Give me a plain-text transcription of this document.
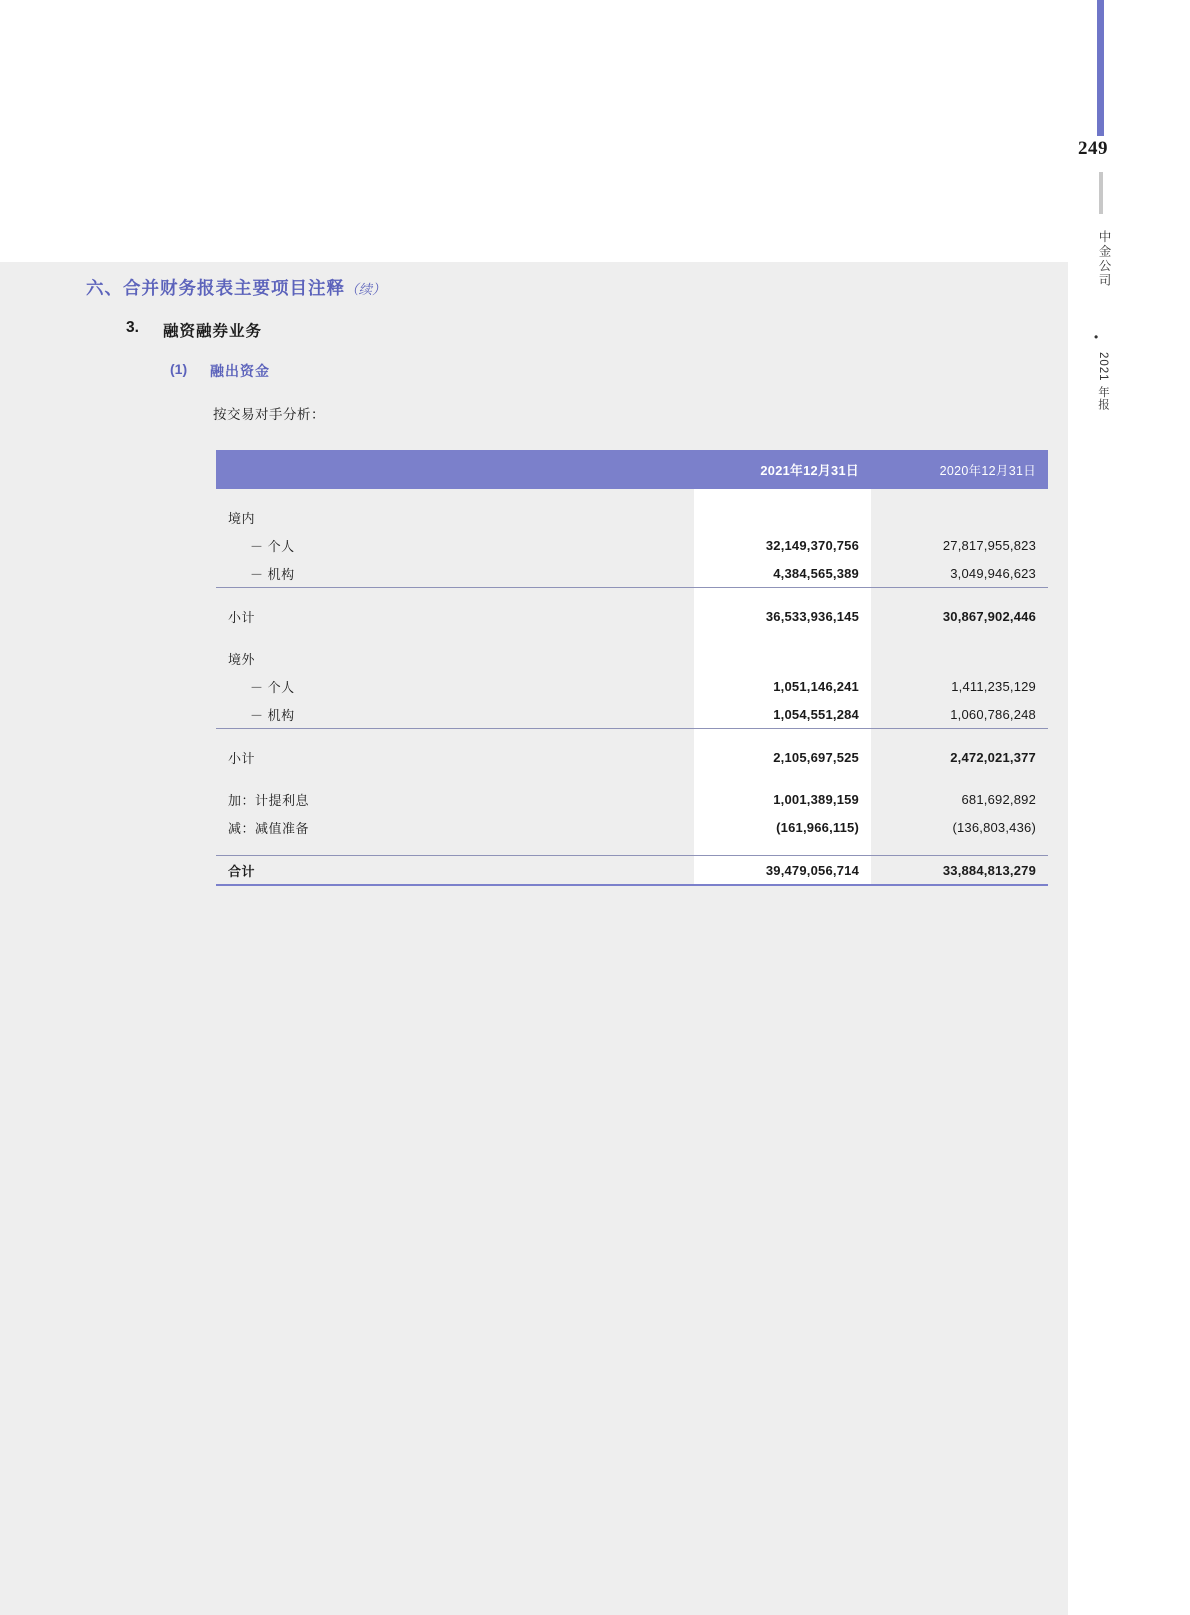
249
中金公司
•
2021 年报
六、合并财务报表主要项目注释（续）
3. 融资融券业务
(1) 融出资金
按交易对手分析：
	2021年12月31日	2020年12月31日

境内		
－ 个人	32,149,370,756	27,817,955,823
－ 机构	4,384,565,389	3,049,946,623

小计	36,533,936,145	30,867,902,446

境外		
－ 个人	1,051,146,241	1,411,235,129
－ 机构	1,054,551,284	1,060,786,248

小计	2,105,697,525	2,472,021,377

加：计提利息	1,001,389,159	681,692,892
减：减值准备	(161,966,115)	(136,803,436)

合计	39,479,056,714	33,884,813,279
